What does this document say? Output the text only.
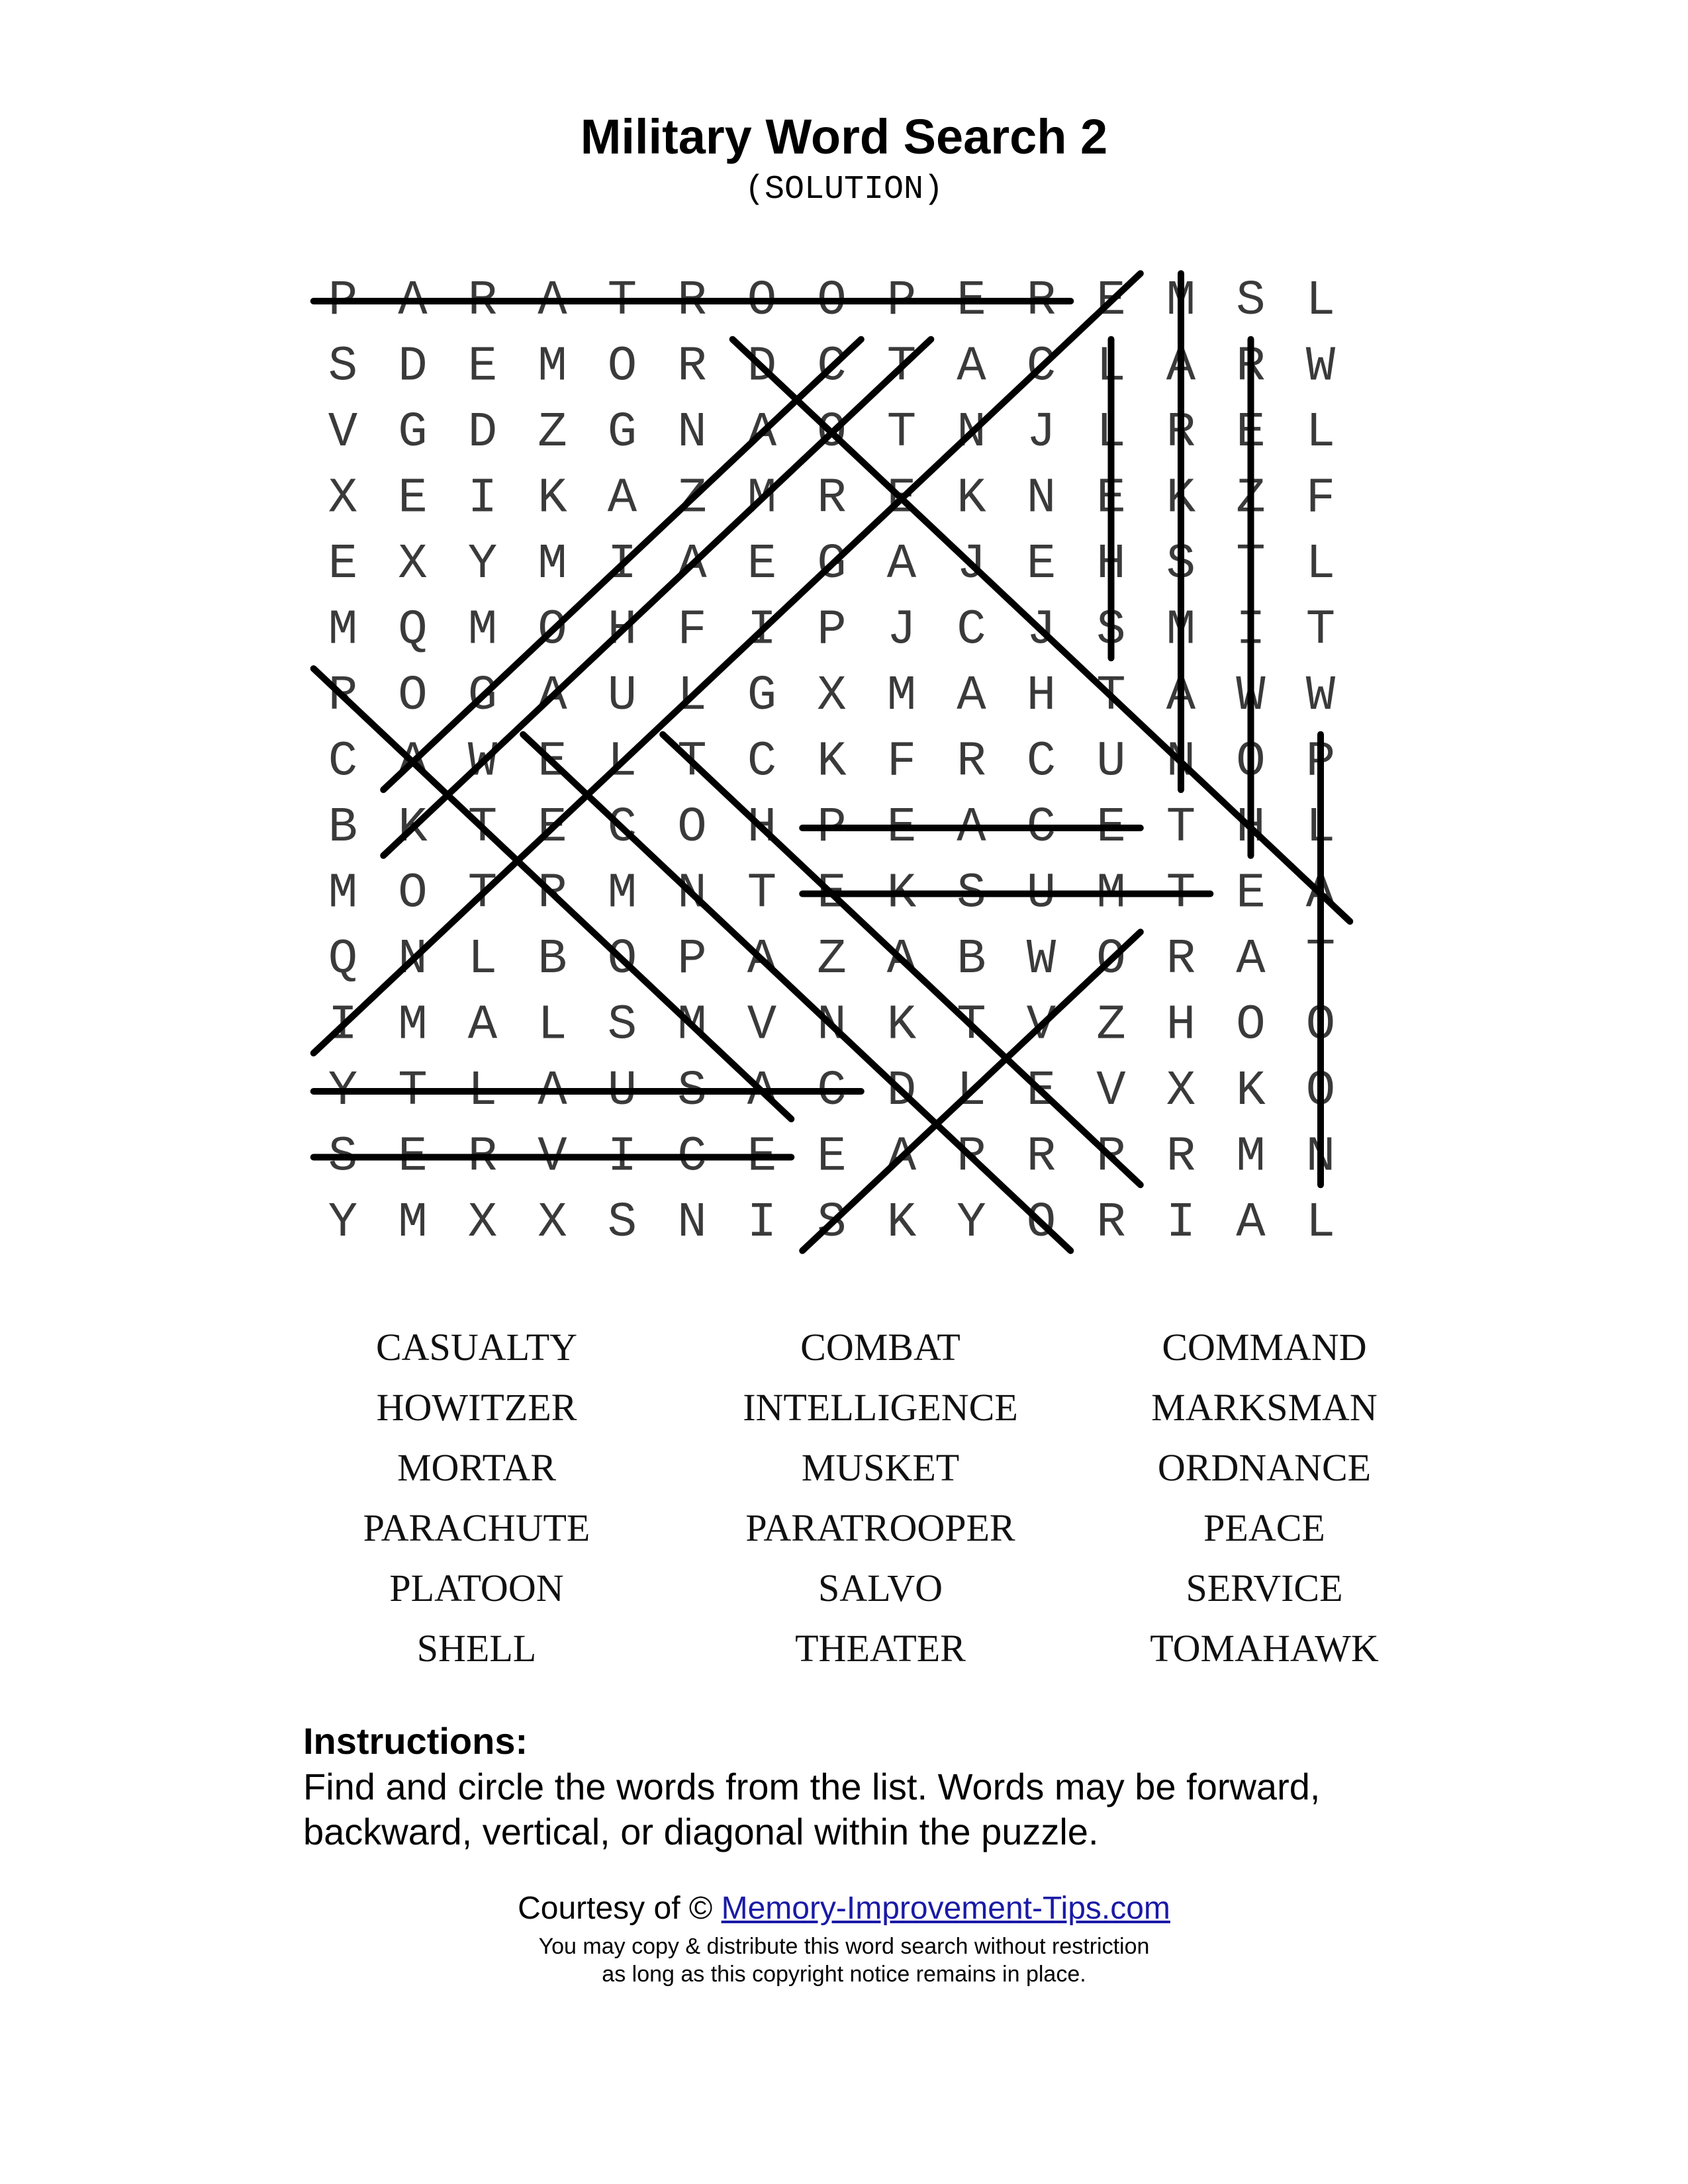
Military Word Search 2
(SOLUTION)
P A R A T R O O P E R E M S L
S D E M O R D C T A C L A R W
V G D Z G N A O T N J L R E L
X E I K A Z M R E K N E K Z F
E X Y M I A E G A J E H S T L
M Q M O H F I P J C J S M I T
R O G A U L G X M A H T A W W
C A W E L T C K F R C U N O P
B K T E C O H P E A C E T H L
M O T R M N T E K S U M T E A
Q N L B O P A Z A B W O R A T
I M A L S M V N K T V Z H O O
Y T L A U S A C D L E V X K O
S E R V I C E E A R R R R M N
Y M X X S N I S K Y O R I A L
CASUALTY	COMBAT	COMMAND
HOWITZER	INTELLIGENCE	MARKSMAN
MORTAR	MUSKET	ORDNANCE
PARACHUTE	PARATROOPER	PEACE
PLATOON	SALVO	SERVICE
SHELL	THEATER	TOMAHAWK
Instructions:
Find and circle the words from the list. Words may be forward, backward, vertical, or diagonal within the puzzle.
Courtesy of © Memory-Improvement-Tips.com
You may copy & distribute this word search without restriction
as long as this copyright notice remains in place.
